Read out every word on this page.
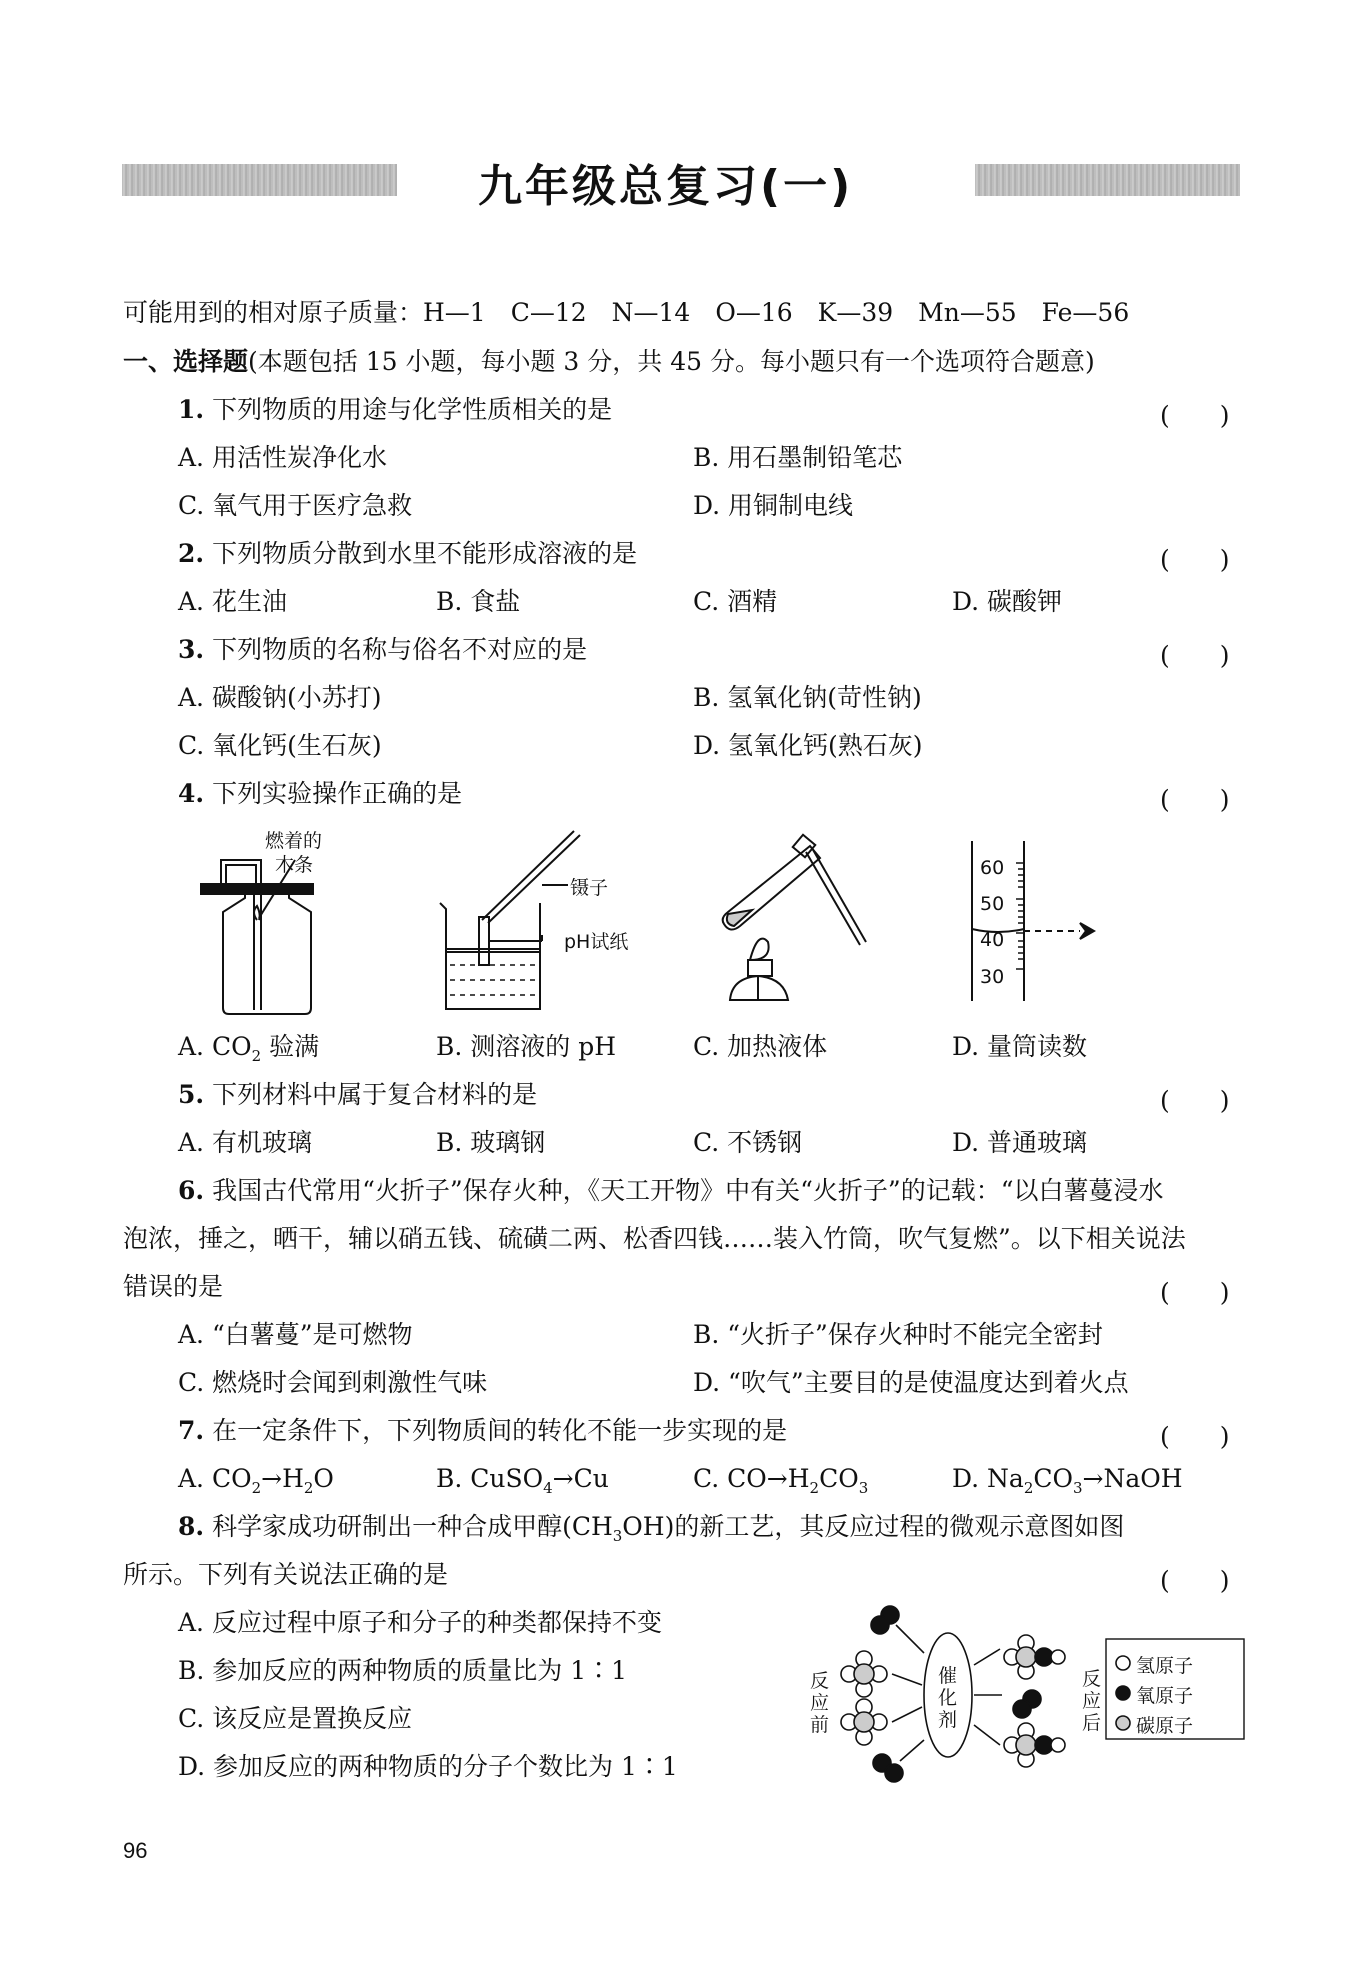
九年级总复习(一)
可能用到的相对原子质量：H—1　C—12　N—14　O—16　K—39　Mn—55　Fe—56
一、选择题(本题包括 15 小题，每小题 3 分，共 45 分。每小题只有一个选项符合题意)
1. 下列物质的用途与化学性质相关的是	(　　)
A. 用活性炭净化水	B. 用石墨制铅笔芯
C. 氧气用于医疗急救	D. 用铜制电线
2. 下列物质分散到水里不能形成溶液的是	(　　)
A. 花生油	B. 食盐	C. 酒精	D. 碳酸钾
3. 下列物质的名称与俗名不对应的是	(　　)
A. 碳酸钠(小苏打)	B. 氢氧化钠(苛性钠)
C. 氧化钙(生石灰)	D. 氢氧化钙(熟石灰)
4. 下列实验操作正确的是	(　　)
燃着的
木条
镊子
pH试纸
60
50
40
30
A. $CO_2$ 验满	B. 测溶液的 pH	C. 加热液体	D. 量筒读数
5. 下列材料中属于复合材料的是	(　　)
A. 有机玻璃	B. 玻璃钢	C. 不锈钢	D. 普通玻璃
6. 我国古代常用“火折子”保存火种，《天工开物》中有关“火折子”的记载：“以白薯蔓浸水
泡浓，捶之，晒干，辅以硝五钱、硫磺二两、松香四钱……装入竹筒，吹气复燃”。以下相关说法
错误的是	(　　)
A. “白薯蔓”是可燃物	B. “火折子”保存火种时不能完全密封
C. 燃烧时会闻到刺激性气味	D. “吹气”主要目的是使温度达到着火点
7. 在一定条件下，下列物质间的转化不能一步实现的是	(　　)
A. $CO_2\to H_2O$	B. CuSO$_4$→Cu	C. $CO\to H_2CO_3$	D. $Na_2CO_3\to NaOH$
8. 科学家成功研制出一种合成甲醇$(CH_3OH)$的新工艺，其反应过程的微观示意图如图
所示。下列有关说法正确的是	(　　)
A. 反应过程中原子和分子的种类都保持不变
B. 参加反应的两种物质的质量比为 1∶1
C. 该反应是置换反应
D. 参加反应的两种物质的分子个数比为 1∶1
反应前
催化剂
反应后
氢原子
氧原子
碳原子
96
